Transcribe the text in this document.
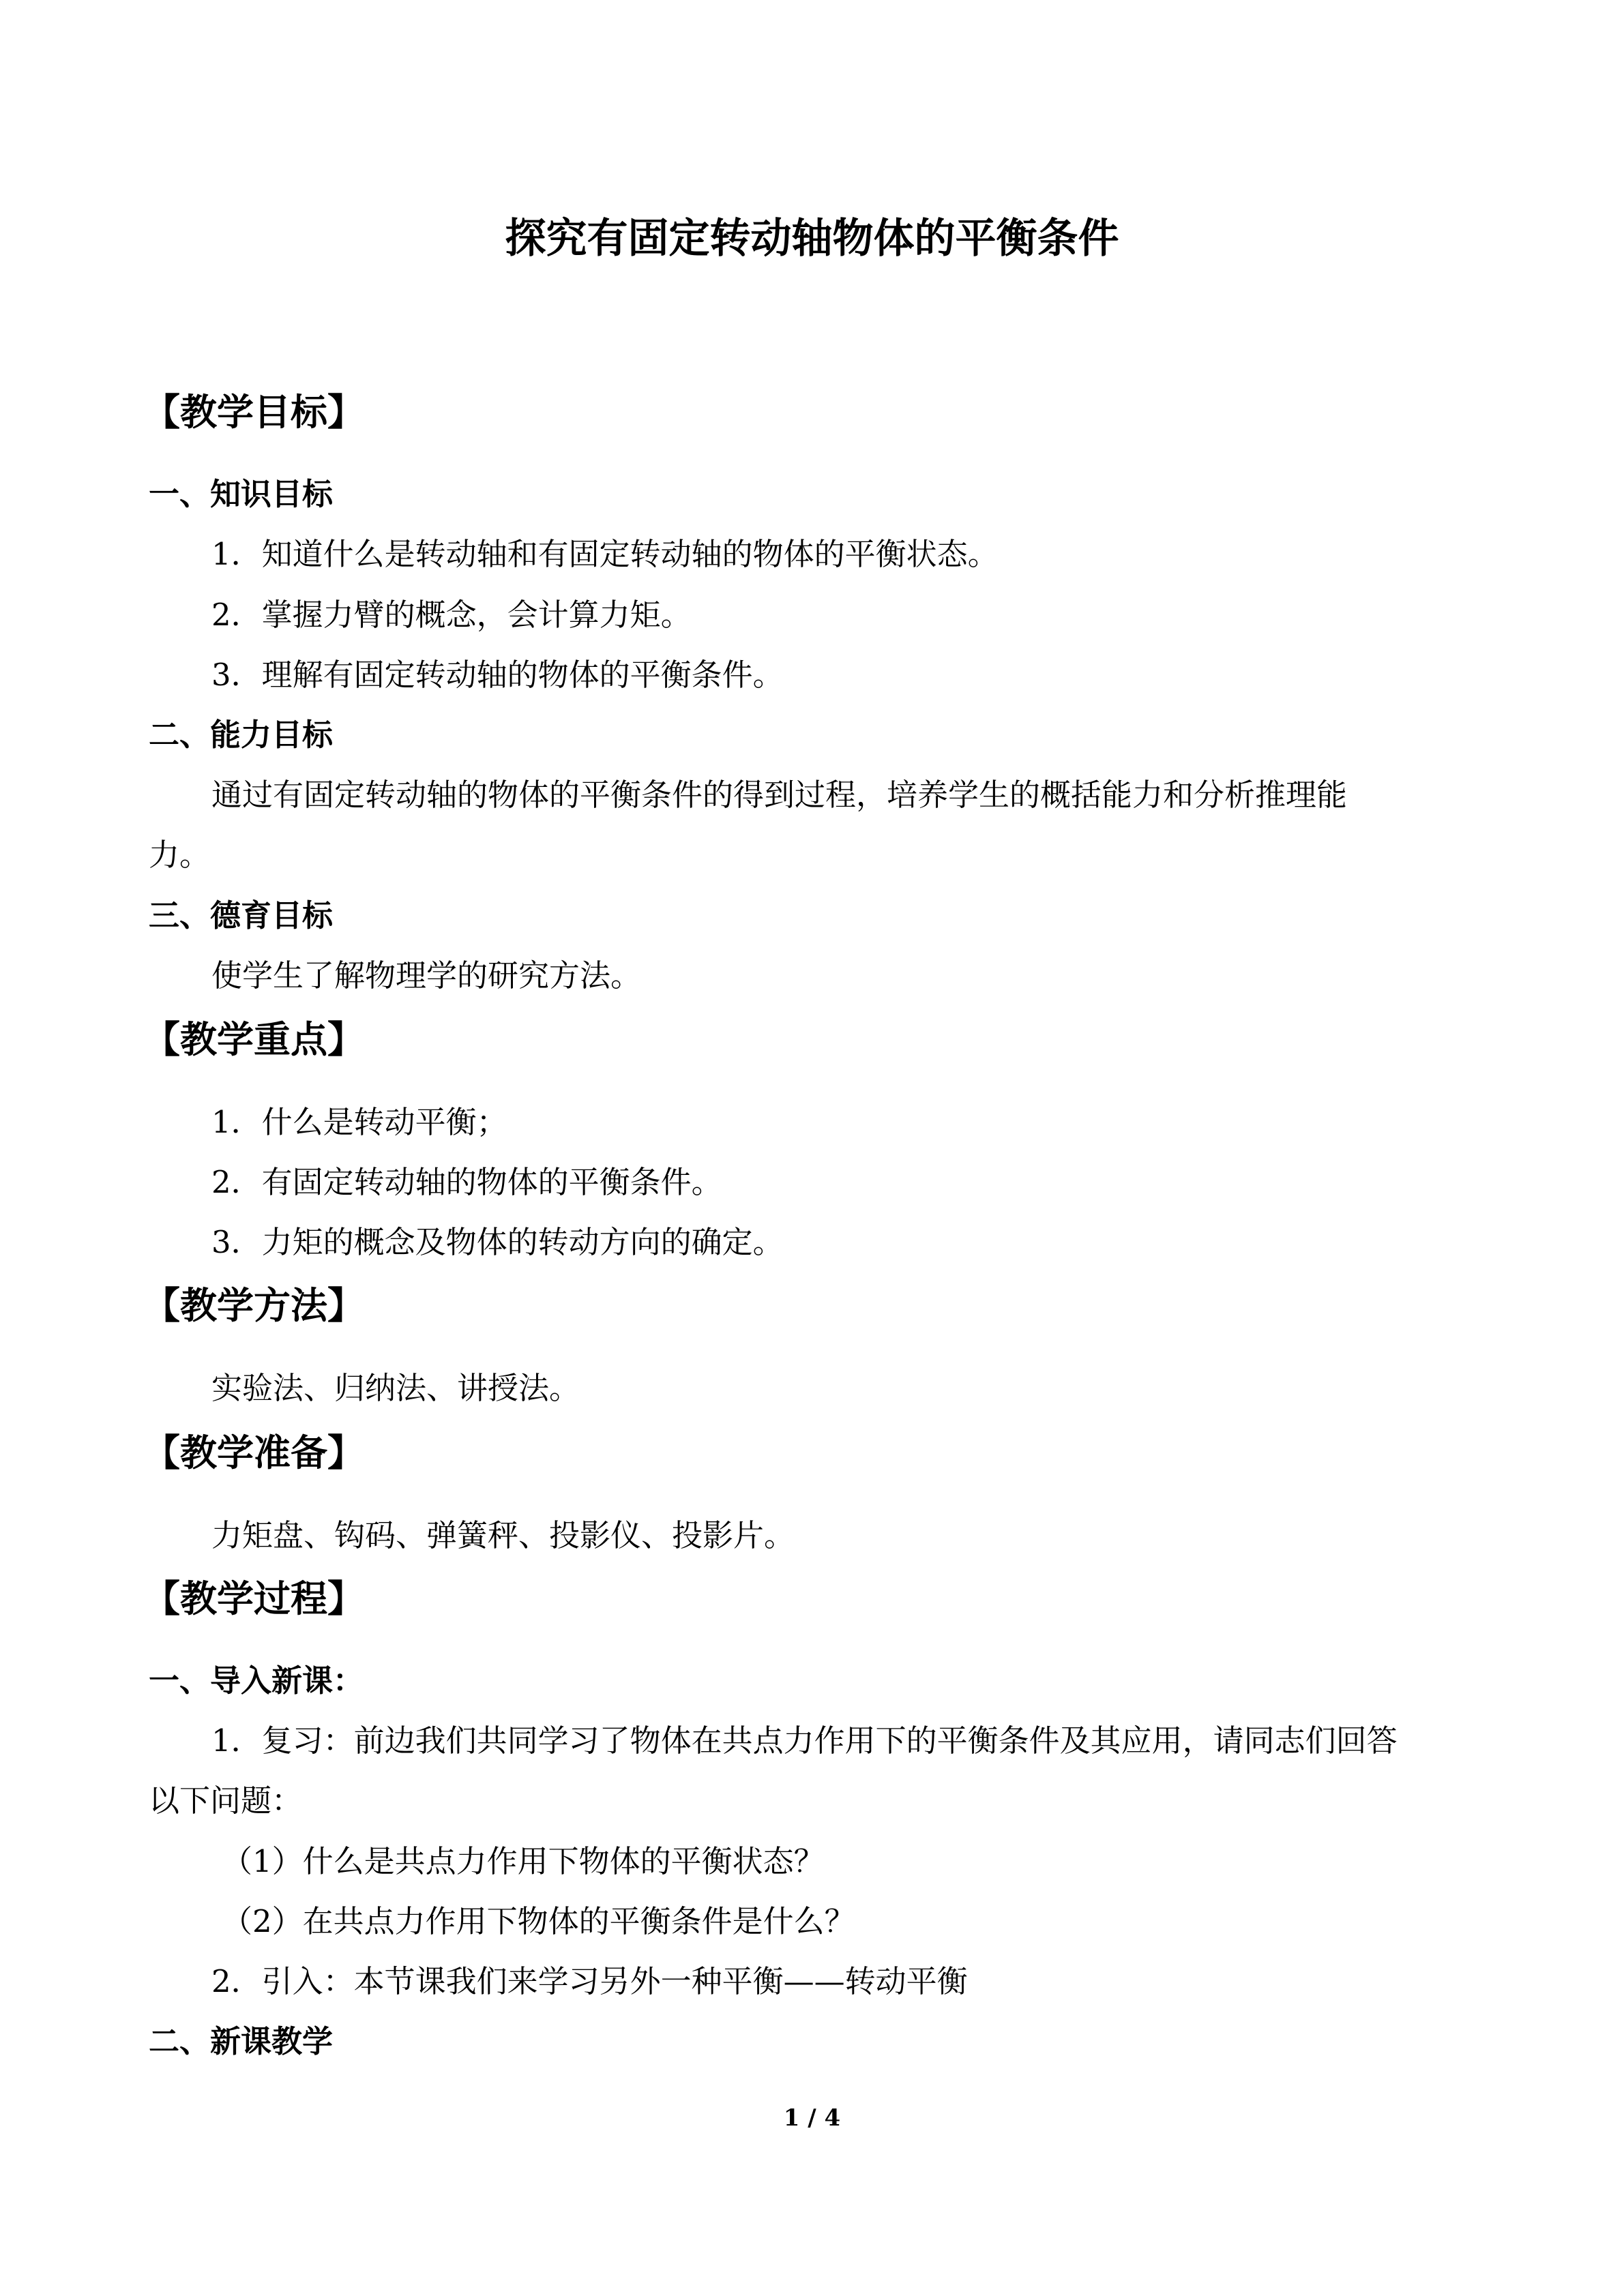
探究有固定转动轴物体的平衡条件
【教学目标】
一、知识目标
1．知道什么是转动轴和有固定转动轴的物体的平衡状态。
2．掌握力臂的概念，会计算力矩。
3．理解有固定转动轴的物体的平衡条件。
二、能力目标
通过有固定转动轴的物体的平衡条件的得到过程，培养学生的概括能力和分析推理能
力。
三、德育目标
使学生了解物理学的研究方法。
【教学重点】
1．什么是转动平衡；
2．有固定转动轴的物体的平衡条件。
3．力矩的概念及物体的转动方向的确定。
【教学方法】
实验法、归纳法、讲授法。
【教学准备】
力矩盘、钩码、弹簧秤、投影仪、投影片。
【教学过程】
一、导入新课：
1．复习：前边我们共同学习了物体在共点力作用下的平衡条件及其应用，请同志们回答
以下问题：
（1）什么是共点力作用下物体的平衡状态？
（2）在共点力作用下物体的平衡条件是什么？
2．引入：本节课我们来学习另外一种平衡——转动平衡
二、新课教学
1 / 4
